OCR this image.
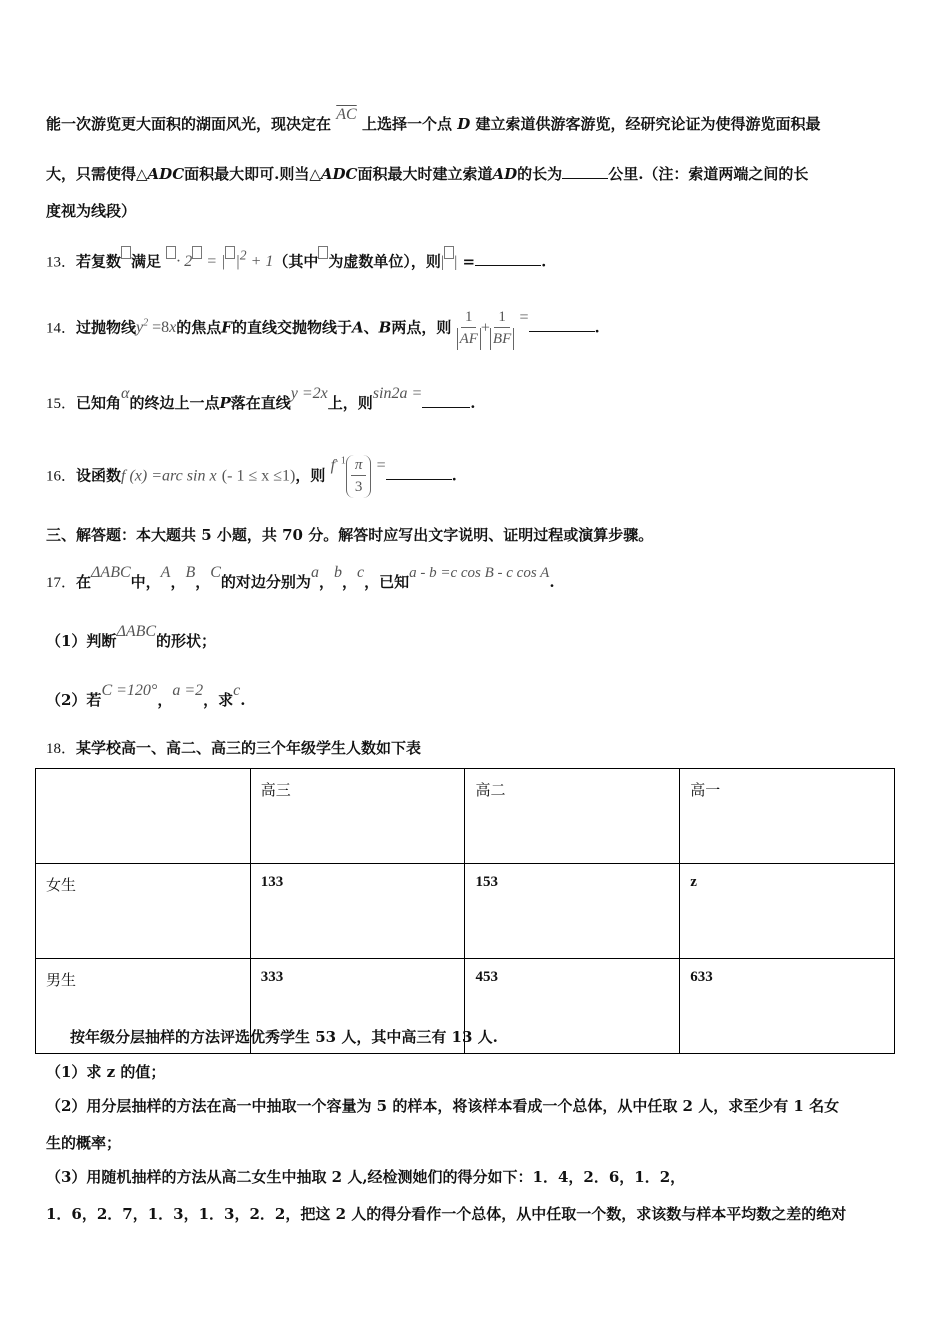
能一次游览更大面积的湖面风光，现决定在 $\overline{AC}$ 上选择一个点 D 建立索道供游客游览，经研究论证为使得游览面积最
大，只需使得△ADC面积最大即可.则当△ADC面积最大时建立索道AD的长为	公里.（注：索道两端之间的长
度视为线段）
13．若复数 满足 · 2 = | $|^2 + 1$（其中 为虚数单位），则| | =	.
14．过抛物线$y^2 =8x$的焦点F的直线交抛物线于A、B两点，则 $\frac{1}{AF} + \frac{1}{BF}$ =.
15．已知角α的终边上一点P落在直线y =2x上，则sin2a =.
16．设函数f (x) =arc sin x (- 1 ≤ x ≤1)，则 $f^{- 1} \frac{\pi}{3}$ =.
三、解答题：本大题共 5 小题，共 70 分。解答时应写出文字说明、证明过程或演算步骤。
17．在ΔABC中，A，B，C的对边分别为a，b，c，已知a - b =c cos B - c cos A.
（1）判断ΔABC的形状；
（2）若C =120°，a =2，求c.
18．某学校高一、高二、高三的三个年级学生人数如下表
	高三	高二	高一
女生	133	153	z
男生	333	453	633
按年级分层抽样的方法评选优秀学生 53 人，其中高三有 13 人.
（1）求 z 的值；
（2）用分层抽样的方法在高一中抽取一个容量为 5 的样本，将该样本看成一个总体，从中任取 2 人，求至少有 1 名女
生的概率；
（3）用随机抽样的方法从高二女生中抽取 2 人,经检测她们的得分如下：1．4，2．6，1．2，
1．6，2．7，1．3，1．3，2．2，把这 2 人的得分看作一个总体，从中任取一个数，求该数与样本平均数之差的绝对
